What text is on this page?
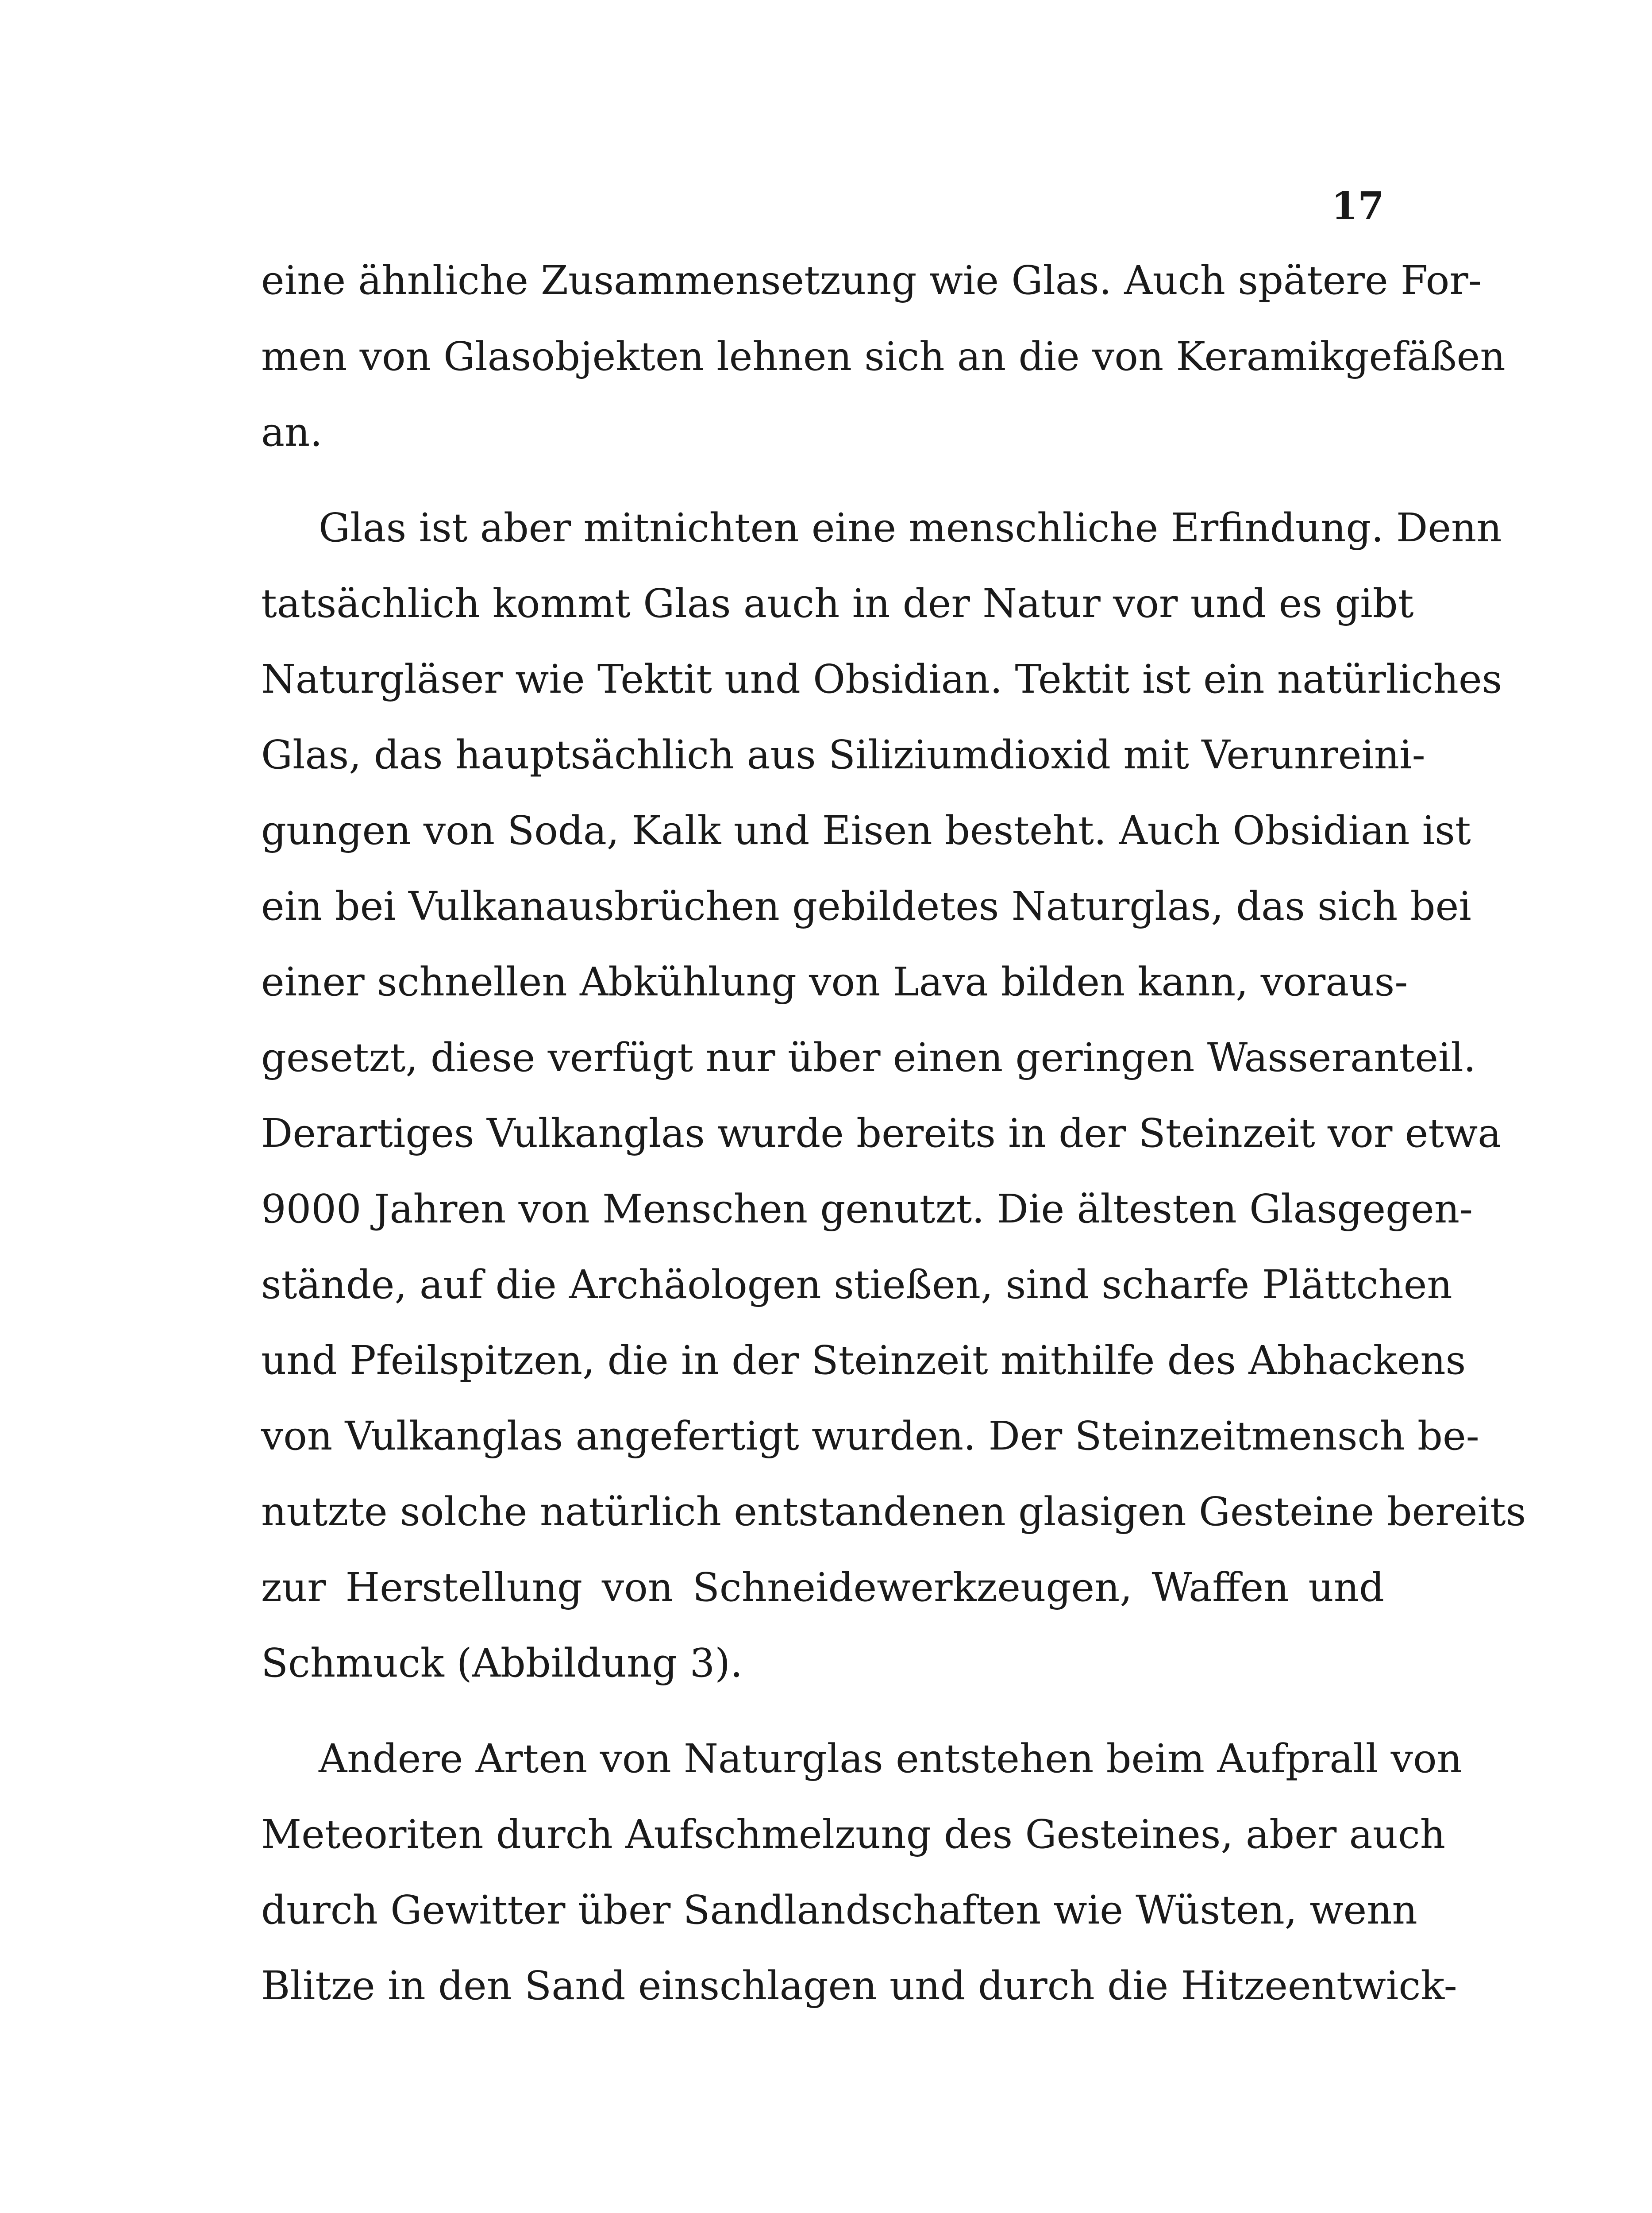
17
eine ähnliche Zusammensetzung wie Glas. Auch spätere For-
men von Glasobjekten lehnen sich an die von Keramikgefäßen
an.
Glas ist aber mitnichten eine menschliche Erfindung. Denn
tatsächlich kommt Glas auch in der Natur vor und es gibt
Naturgläser wie Tektit und Obsidian. Tektit ist ein natürliches
Glas, das hauptsächlich aus Siliziumdioxid mit Verunreini-
gungen von Soda, Kalk und Eisen besteht. Auch Obsidian ist
ein bei Vulkanausbrüchen gebildetes Naturglas, das sich bei
einer schnellen Abkühlung von Lava bilden kann, voraus-
gesetzt, diese verfügt nur über einen geringen Wasseranteil.
Derartiges Vulkanglas wurde bereits in der Steinzeit vor etwa
9000 Jahren von Menschen genutzt. Die ältesten Glasgegen-
stände, auf die Archäologen stießen, sind scharfe Plättchen
und Pfeilspitzen, die in der Steinzeit mithilfe des Abhackens
von Vulkanglas angefertigt wurden. Der Steinzeitmensch be-
nutzte solche natürlich entstandenen glasigen Gesteine bereits
zur Herstellung von Schneidewerkzeugen, Waffen und
Schmuck (Abbildung 3).
Andere Arten von Naturglas entstehen beim Aufprall von
Meteoriten durch Aufschmelzung des Gesteines, aber auch
durch Gewitter über Sandlandschaften wie Wüsten, wenn
Blitze in den Sand einschlagen und durch die Hitzeentwick-
